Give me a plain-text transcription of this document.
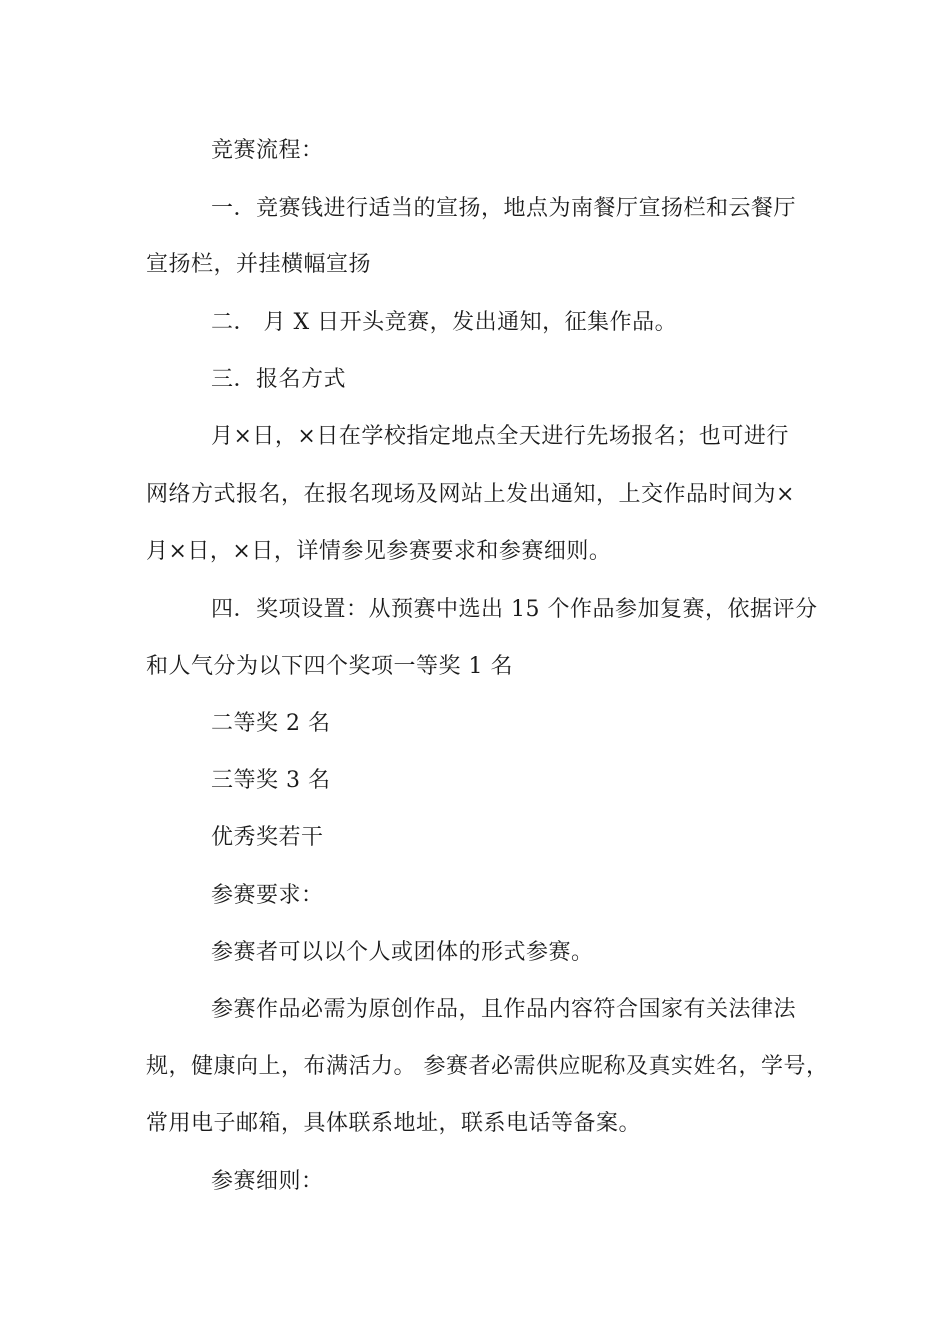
竞赛流程：
一．竞赛钱进行适当的宣扬，地点为南餐厅宣扬栏和云餐厅
宣扬栏，并挂横幅宣扬
二． 月 X 日开头竞赛，发出通知，征集作品。
三．报名方式
月×日，×日在学校指定地点全天进行先场报名；也可进行
网络方式报名，在报名现场及网站上发出通知，上交作品时间为×
月×日，×日，详情参见参赛要求和参赛细则。
四．奖项设置：从预赛中选出 15 个作品参加复赛，依据评分
和人气分为以下四个奖项一等奖 1 名
二等奖 2 名
三等奖 3 名
优秀奖若干
参赛要求：
参赛者可以以个人或团体的形式参赛。
参赛作品必需为原创作品，且作品内容符合国家有关法律法
规，健康向上，布满活力。 参赛者必需供应昵称及真实姓名，学号，
常用电子邮箱，具体联系地址，联系电话等备案。
参赛细则：
